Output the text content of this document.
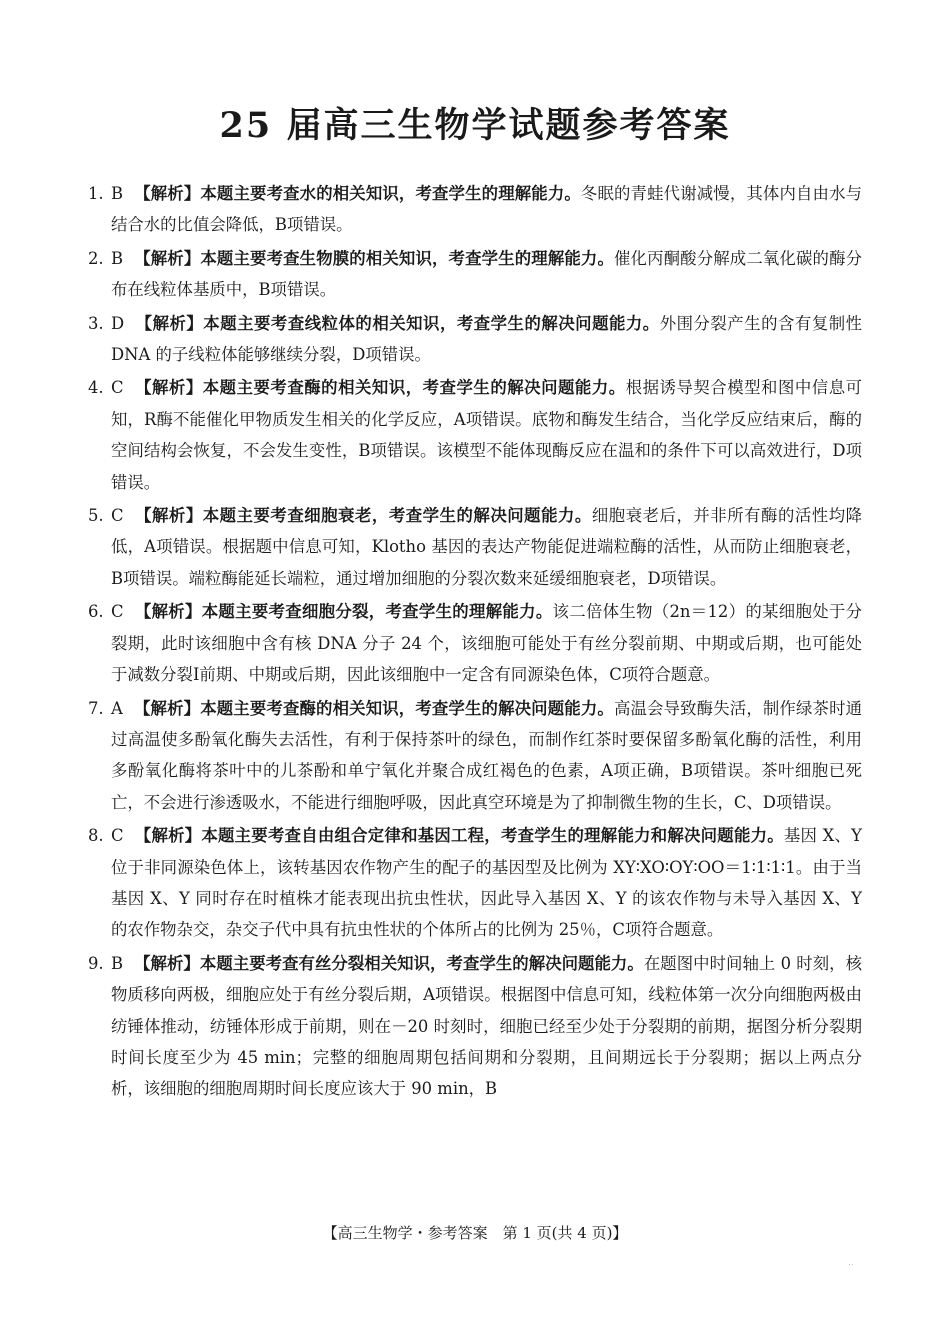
25 届高三生物学试题参考答案
1. B 【解析】本题主要考查水的相关知识，考查学生的理解能力。冬眠的青蛙代谢减慢，其体内自由水与结合水的比值会降低，B项错误。
2. B 【解析】本题主要考查生物膜的相关知识，考查学生的理解能力。催化丙酮酸分解成二氧化碳的酶分布在线粒体基质中，B项错误。
3. D 【解析】本题主要考查线粒体的相关知识，考查学生的解决问题能力。外围分裂产生的含有复制性 DNA 的子线粒体能够继续分裂，D项错误。
4. C 【解析】本题主要考查酶的相关知识，考查学生的解决问题能力。根据诱导契合模型和图中信息可知，R酶不能催化甲物质发生相关的化学反应，A项错误。底物和酶发生结合，当化学反应结束后，酶的空间结构会恢复，不会发生变性，B项错误。该模型不能体现酶反应在温和的条件下可以高效进行，D项错误。
5. C 【解析】本题主要考查细胞衰老，考查学生的解决问题能力。细胞衰老后，并非所有酶的活性均降低，A项错误。根据题中信息可知，Klotho 基因的表达产物能促进端粒酶的活性，从而防止细胞衰老，B项错误。端粒酶能延长端粒，通过增加细胞的分裂次数来延缓细胞衰老，D项错误。
6. C 【解析】本题主要考查细胞分裂，考查学生的理解能力。该二倍体生物（2n＝12）的某细胞处于分裂期，此时该细胞中含有核 DNA 分子 24 个，该细胞可能处于有丝分裂前期、中期或后期，也可能处于减数分裂Ⅰ前期、中期或后期，因此该细胞中一定含有同源染色体，C项符合题意。
7. A 【解析】本题主要考查酶的相关知识，考查学生的解决问题能力。高温会导致酶失活，制作绿茶时通过高温使多酚氧化酶失去活性，有利于保持茶叶的绿色，而制作红茶时要保留多酚氧化酶的活性，利用多酚氧化酶将茶叶中的儿茶酚和单宁氧化并聚合成红褐色的色素，A项正确，B项错误。茶叶细胞已死亡，不会进行渗透吸水，不能进行细胞呼吸，因此真空环境是为了抑制微生物的生长，C、D项错误。
8. C 【解析】本题主要考查自由组合定律和基因工程，考查学生的理解能力和解决问题能力。基因 X、Y 位于非同源染色体上，该转基因农作物产生的配子的基因型及比例为 XY∶XO∶OY∶OO＝1∶1∶1∶1。由于当基因 X、Y 同时存在时植株才能表现出抗虫性状，因此导入基因 X、Y 的该农作物与未导入基因 X、Y 的农作物杂交，杂交子代中具有抗虫性状的个体所占的比例为 25％，C项符合题意。
9. B 【解析】本题主要考查有丝分裂相关知识，考查学生的解决问题能力。在题图中时间轴上 0 时刻，核物质移向两极，细胞应处于有丝分裂后期，A项错误。根据图中信息可知，线粒体第一次分向细胞两极由纺锤体推动，纺锤体形成于前期，则在－20 时刻时，细胞已经至少处于分裂期的前期，据图分析分裂期时间长度至少为 45 min；完整的细胞周期包括间期和分裂期，且间期远长于分裂期；据以上两点分析，该细胞的细胞周期时间长度应该大于 90 min，B
【高三生物学・参考答案　第 1 页(共 4 页)】
..
